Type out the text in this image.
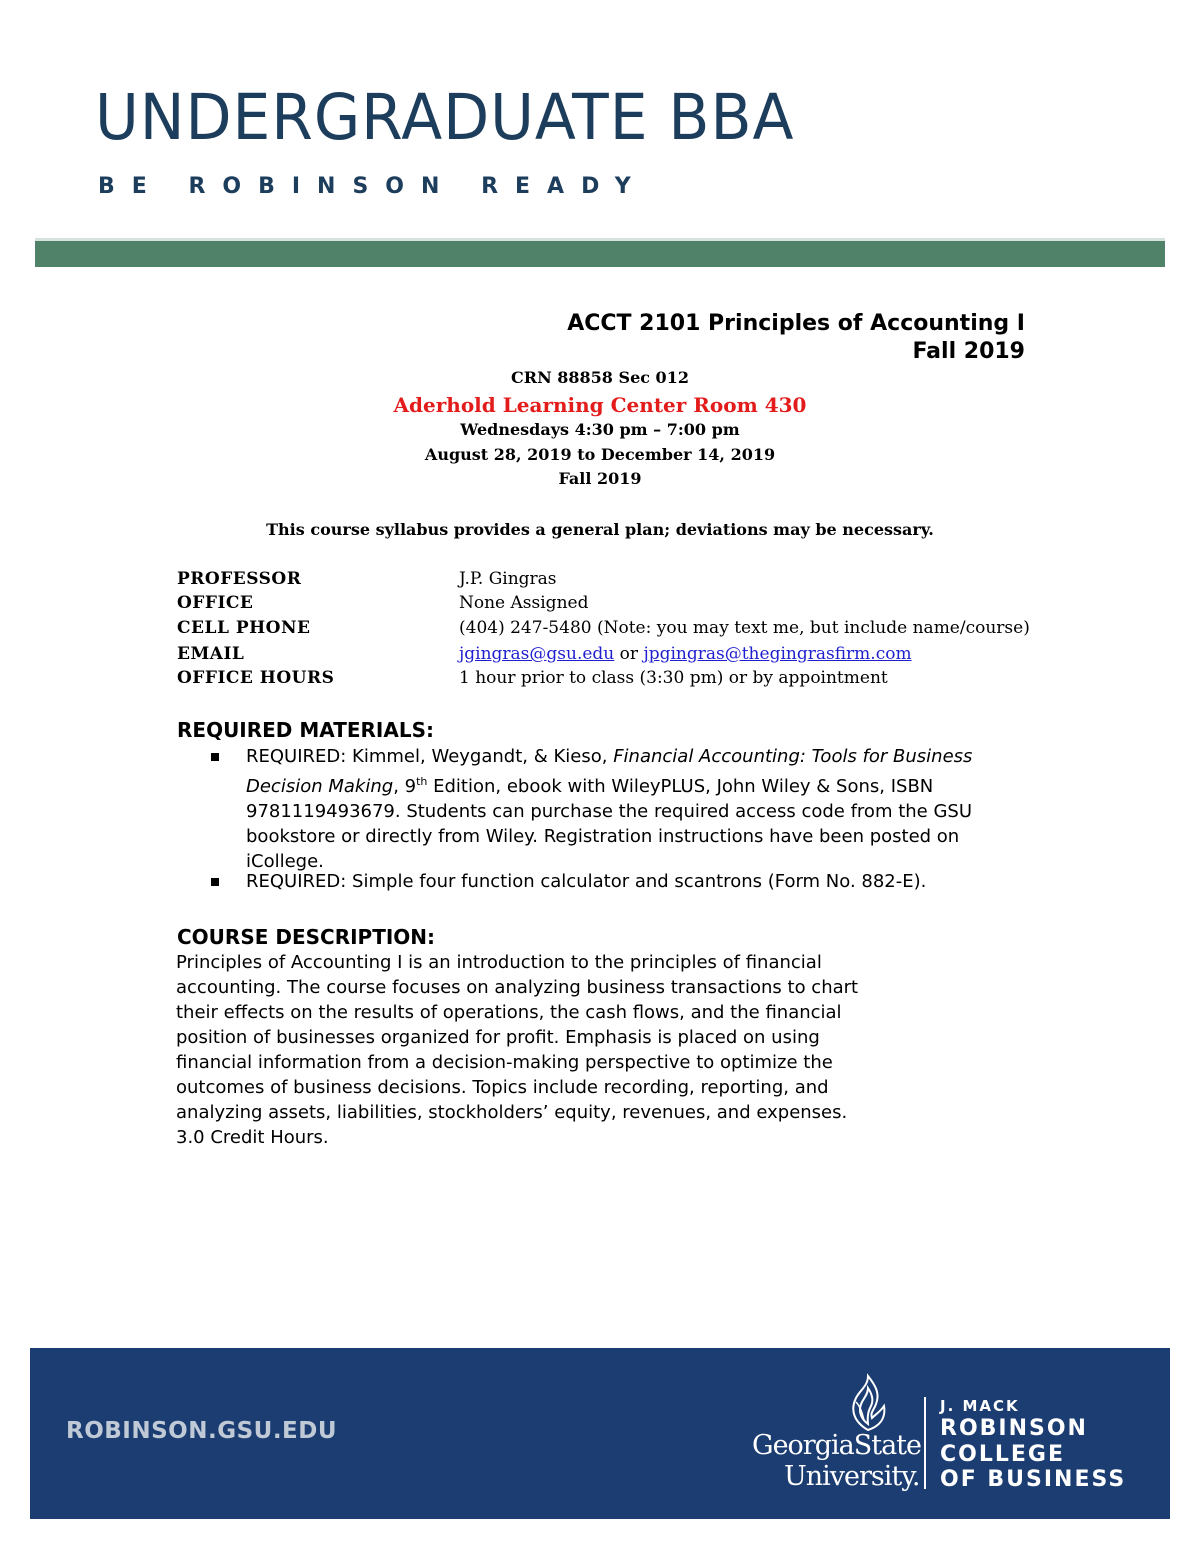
UNDERGRADUATE BBA
BE ROBINSON READY
ACCT 2101 Principles of Accounting I
Fall 2019
CRN 88858 Sec 012
Aderhold Learning Center Room 430
Wednesdays 4:30 pm – 7:00 pm
August 28, 2019 to December 14, 2019
Fall 2019
This course syllabus provides a general plan; deviations may be necessary.
PROFESSOR	J.P. Gingras
OFFICE	None Assigned
CELL PHONE	(404) 247-5480 (Note: you may text me, but include name/course)
EMAIL	jgingras@gsu.edu or jpgingras@thegingrasfirm.com
OFFICE HOURS	1 hour prior to class (3:30 pm) or by appointment
REQUIRED MATERIALS:
REQUIRED: Kimmel, Weygandt, & Kieso, Financial Accounting: Tools for Business
Decision Making, 9th Edition, ebook with WileyPLUS, John Wiley & Sons, ISBN
9781119493679. Students can purchase the required access code from the GSU
bookstore or directly from Wiley. Registration instructions have been posted on
iCollege.
REQUIRED: Simple four function calculator and scantrons (Form No. 882-E).
COURSE DESCRIPTION:
Principles of Accounting I is an introduction to the principles of financial
accounting. The course focuses on analyzing business transactions to chart
their effects on the results of operations, the cash flows, and the financial
position of businesses organized for profit. Emphasis is placed on using
financial information from a decision-making perspective to optimize the
outcomes of business decisions. Topics include recording, reporting, and
analyzing assets, liabilities, stockholders’ equity, revenues, and expenses.
3.0 Credit Hours.
ROBINSON.GSU.EDU	GeorgiaState
University.
J. MACK
ROBINSON
COLLEGE
OF BUSINESS
